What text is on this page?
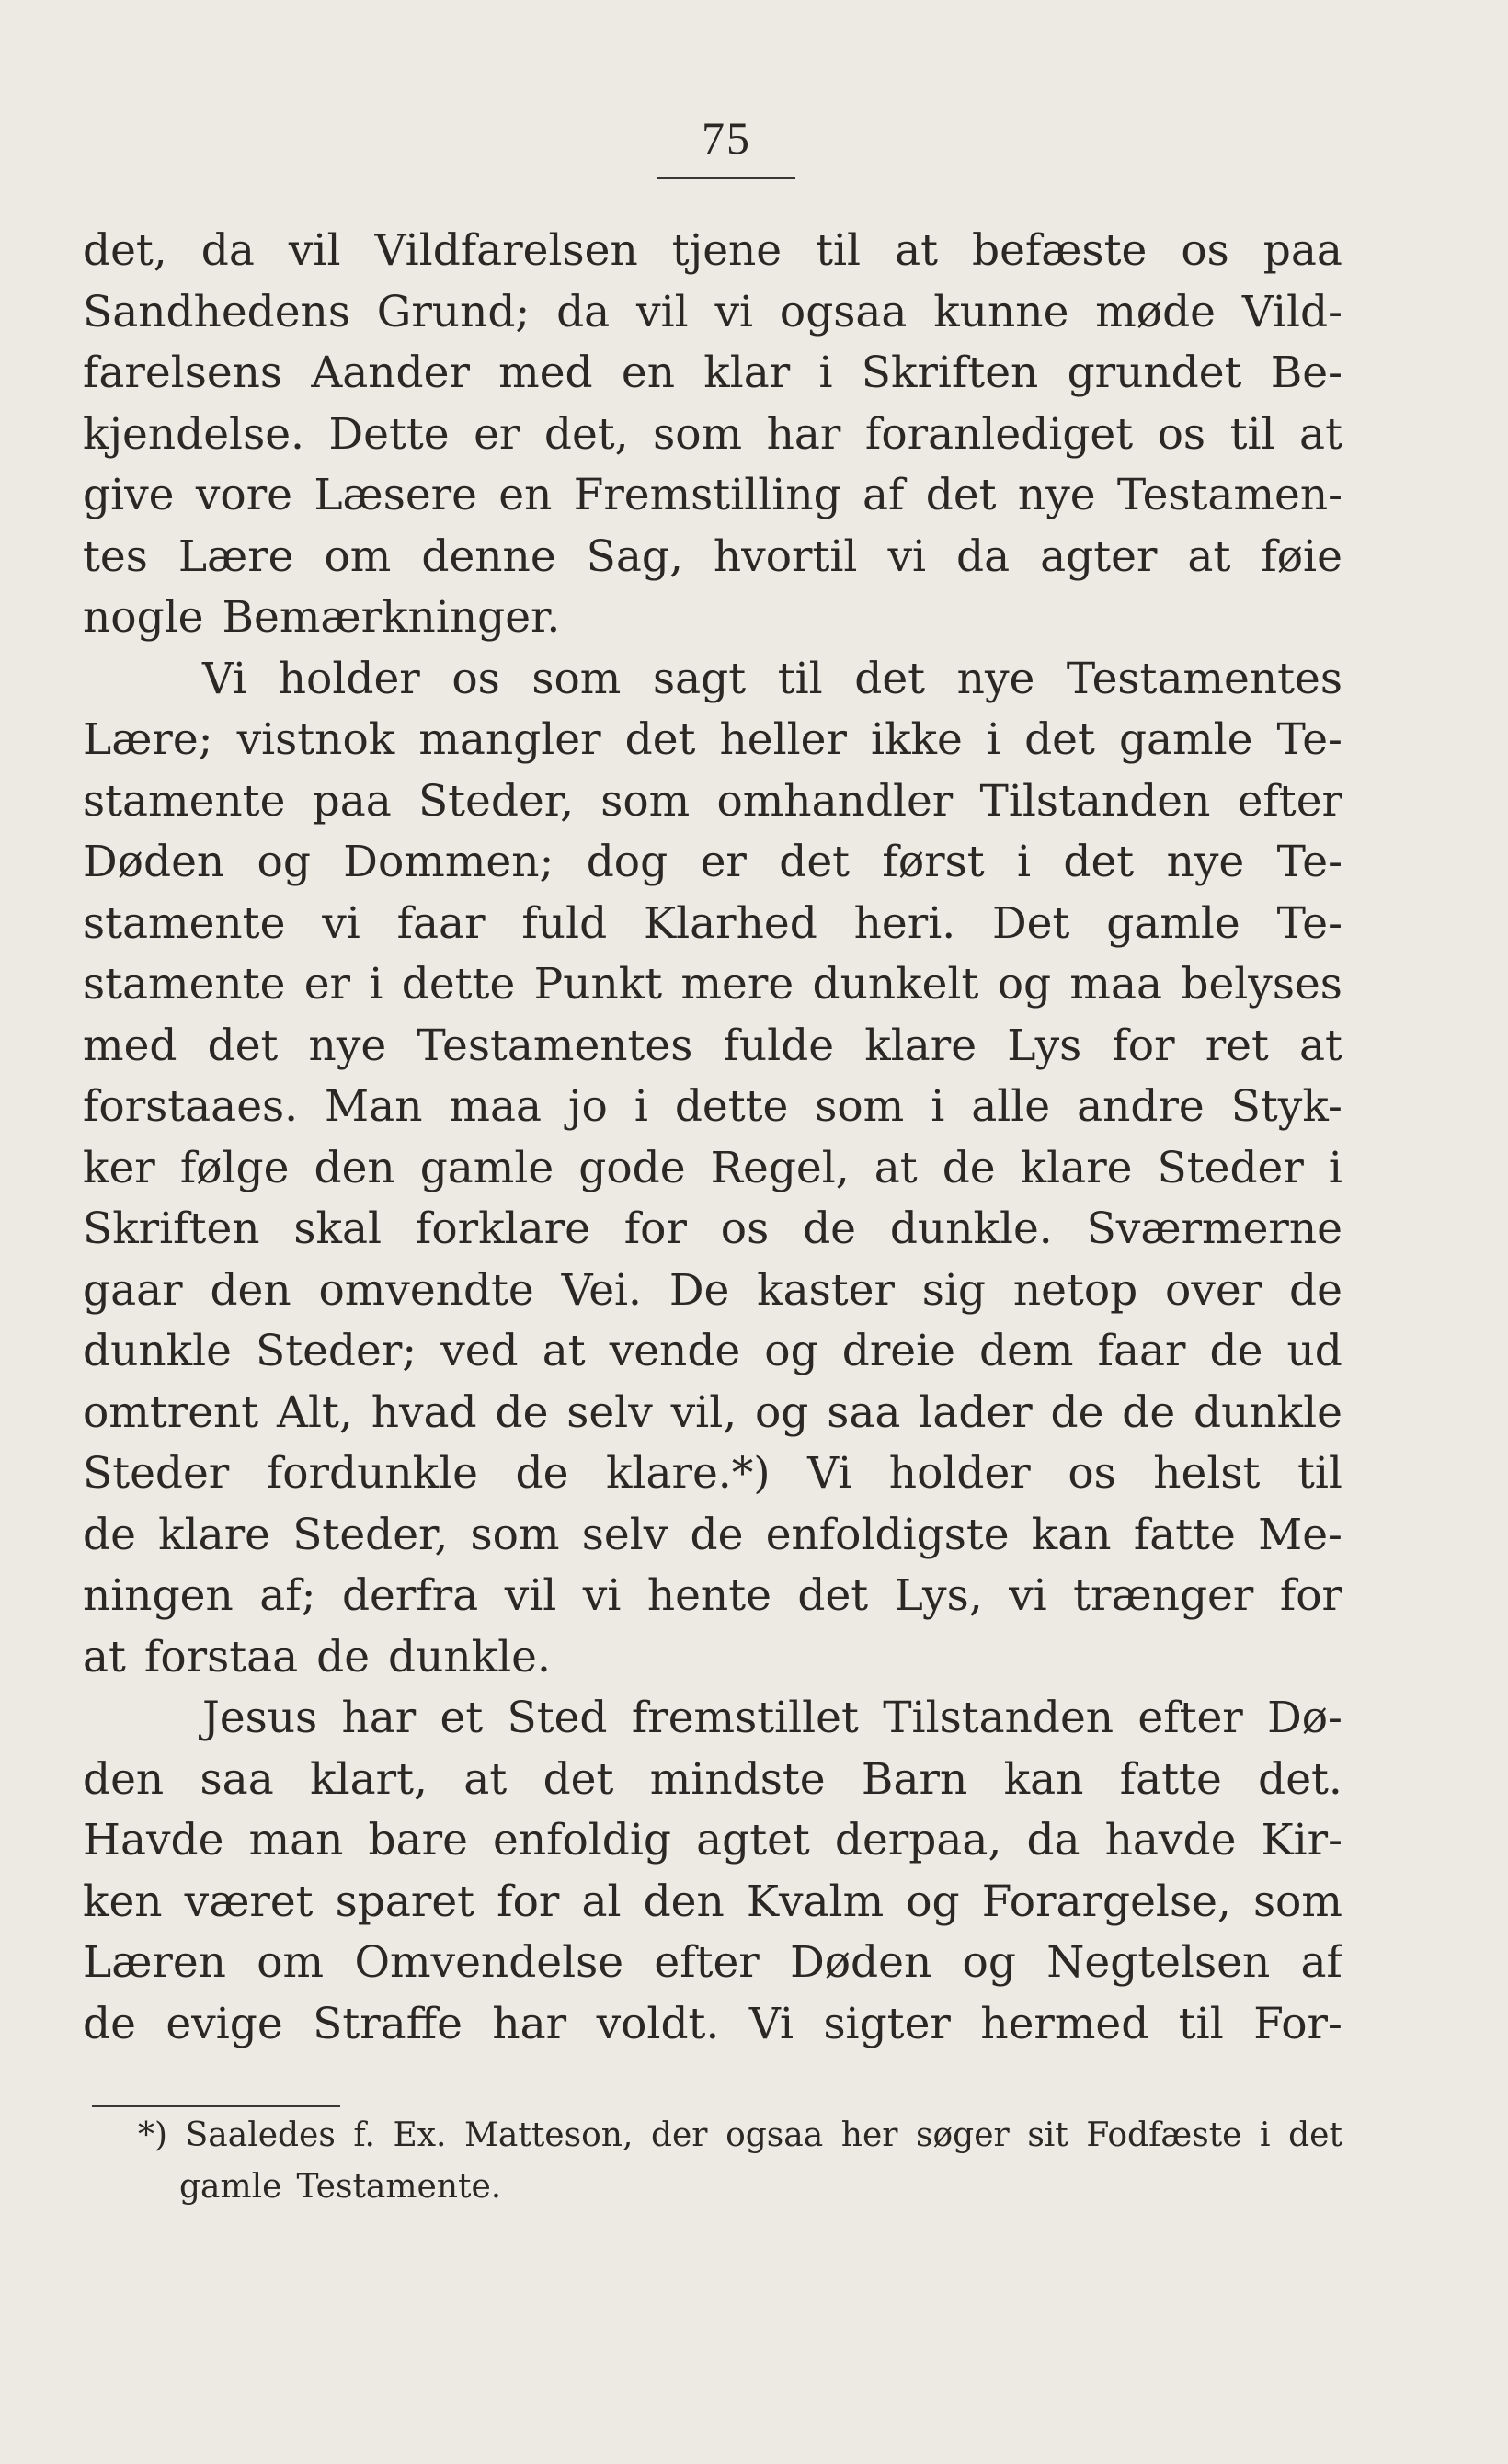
75
det, da vil Vildfarelsen tjene til at befæste os paa
Sandhedens Grund; da vil vi ogsaa kunne møde Vild-
farelsens Aander med en klar i Skriften grundet Be-
kjendelse. Dette er det, som har foranlediget os til at
give vore Læsere en Fremstilling af det nye Testamen-
tes Lære om denne Sag, hvortil vi da agter at føie
nogle Bemærkninger.
Vi holder os som sagt til det nye Testamentes
Lære; vistnok mangler det heller ikke i det gamle Te-
stamente paa Steder, som omhandler Tilstanden efter
Døden og Dommen; dog er det først i det nye Te-
stamente vi faar fuld Klarhed heri. Det gamle Te-
stamente er i dette Punkt mere dunkelt og maa belyses
med det nye Testamentes fulde klare Lys for ret at
forstaaes. Man maa jo i dette som i alle andre Styk-
ker følge den gamle gode Regel, at de klare Steder i
Skriften skal forklare for os de dunkle. Sværmerne
gaar den omvendte Vei. De kaster sig netop over de
dunkle Steder; ved at vende og dreie dem faar de ud
omtrent Alt, hvad de selv vil, og saa lader de de dunkle
Steder fordunkle de klare.*) Vi holder os helst til
de klare Steder, som selv de enfoldigste kan fatte Me-
ningen af; derfra vil vi hente det Lys, vi trænger for
at forstaa de dunkle.
Jesus har et Sted fremstillet Tilstanden efter Dø-
den saa klart, at det mindste Barn kan fatte det.
Havde man bare enfoldig agtet derpaa, da havde Kir-
ken været sparet for al den Kvalm og Forargelse, som
Læren om Omvendelse efter Døden og Negtelsen af
de evige Straffe har voldt. Vi sigter hermed til For-
*) Saaledes f. Ex. Matteson, der ogsaa her søger sit Fodfæste i det
gamle Testamente.
